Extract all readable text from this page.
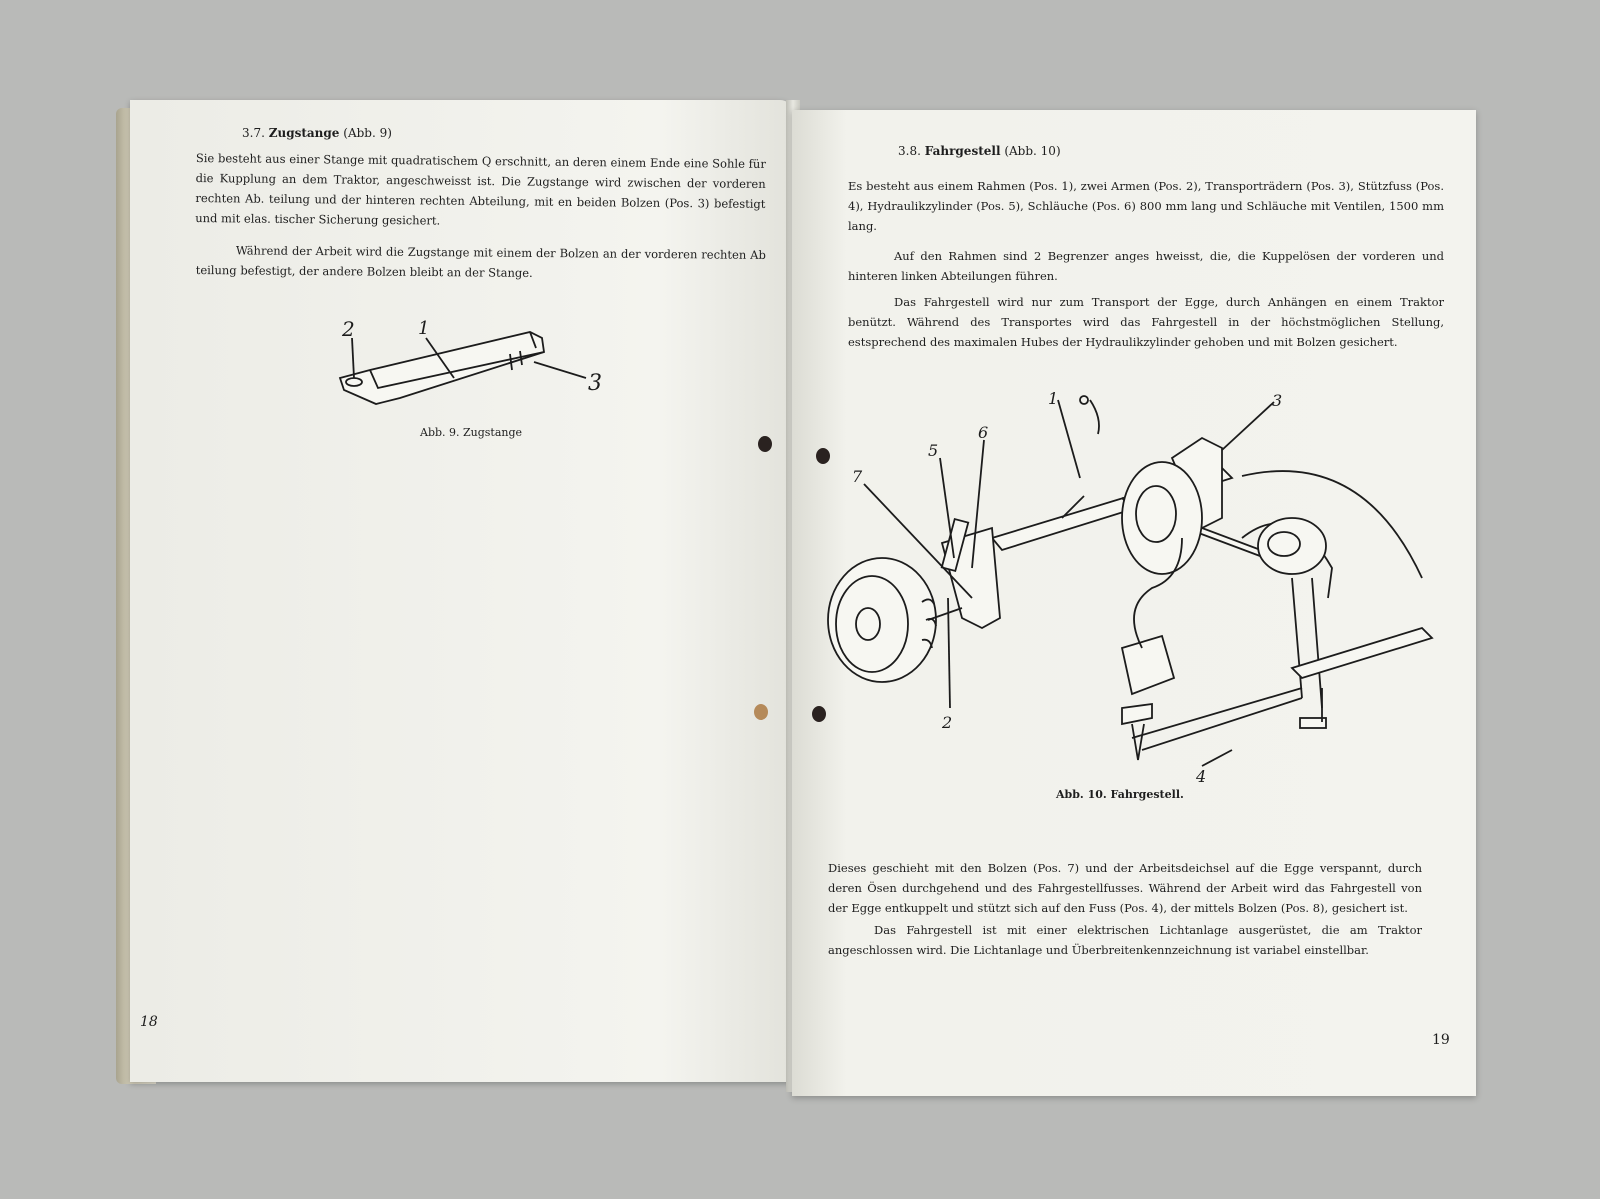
3.7. Zugstange (Abb. 9)
Sie besteht aus einer Stange mit quadratischem Q erschnitt, an deren einem Ende eine Sohle für die Kupplung an dem Traktor, angeschweisst ist. Die Zugstange wird zwischen der vorderen rechten Ab. teilung und der hinteren rechten Abteilung, mit en beiden Bolzen (Pos. 3) befestigt und mit elas. tischer Sicherung gesichert.
Während der Arbeit wird die Zugstange mit einem der Bolzen an der vorderen rechten Ab teilung befestigt, der andere Bolzen bleibt an der Stange.
2	1
3
Abb. 9. Zugstange
18
3.8. Fahrgestell (Abb. 10)
Es besteht aus einem Rahmen (Pos. 1), zwei Armen (Pos. 2), Transporträdern (Pos. 3), Stützfuss (Pos. 4), Hydraulikzylinder (Pos. 5), Schläuche (Pos. 6) 800 mm lang und Schläuche mit Ventilen, 1500 mm lang.
Auf den Rahmen sind 2 Begrenzer anges hweisst, die, die Kuppelösen der vorderen und hinteren linken Abteilungen führen.
Das Fahrgestell wird nur zum Transport der Egge, durch Anhängen en einem Traktor benützt. Während des Transportes wird das Fahrgestell in der höchstmöglichen Stellung, estsprechend des maximalen Hubes der Hydraulikzylinder gehoben und mit Bolzen gesichert.
1	3
6
5
7
2
4
Abb. 10. Fahrgestell.
Dieses geschieht mit den Bolzen (Pos. 7) und der Arbeitsdeichsel auf die Egge verspannt, durch deren Ösen durchgehend und des Fahrgestellfusses. Während der Arbeit wird das Fahrgestell von der Egge entkuppelt und stützt sich auf den Fuss (Pos. 4), der mittels Bolzen (Pos. 8), gesichert ist.
Das Fahrgestell ist mit einer elektrischen Lichtanlage ausgerüstet, die am Traktor angeschlossen wird. Die Lichtanlage und Überbreitenkennzeichnung ist variabel einstellbar.
19
